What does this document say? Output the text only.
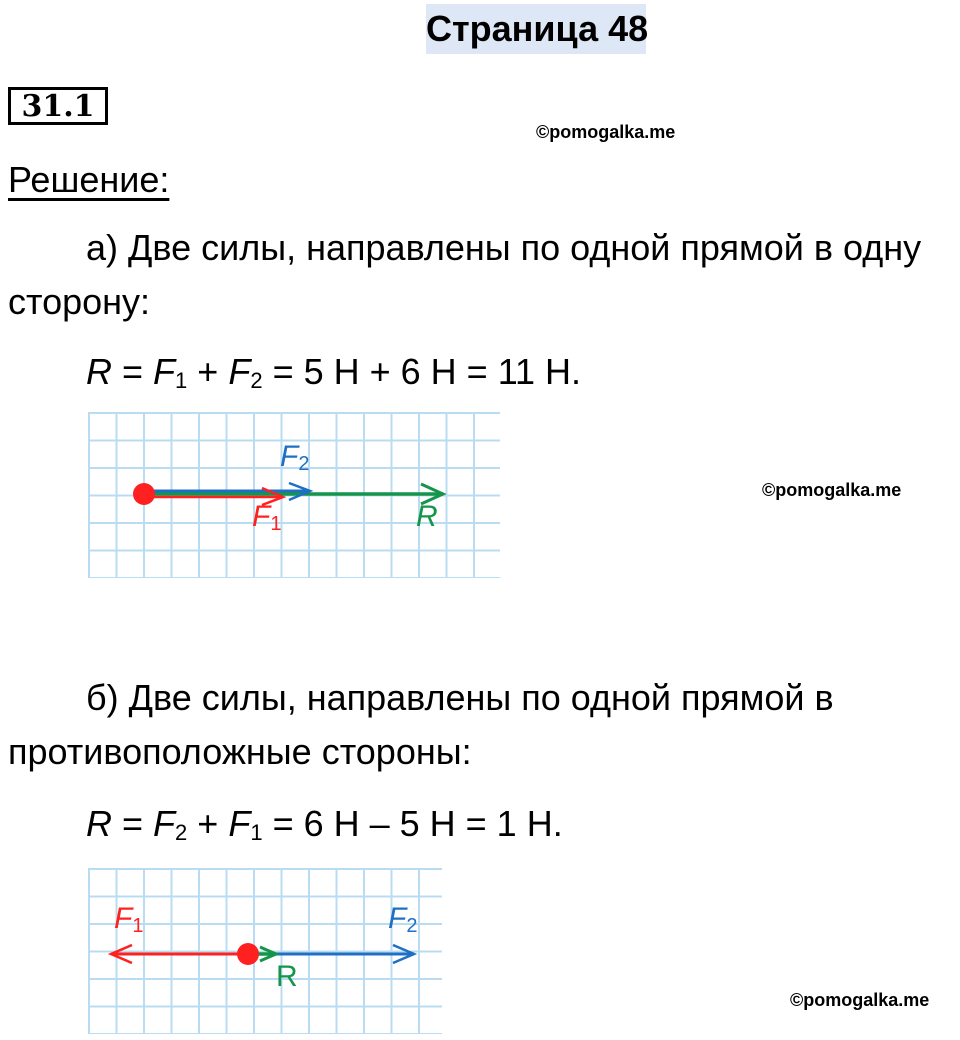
Страница 48
31.1
©pomogalka.me
Решение:
а) Две силы, направлены по одной прямой в одну
сторону:
$R = F_1 + F_2 = 5$ Н + 6 Н = 11 Н.
$F_2$
$F_1$	R
©pomogalka.me
б) Две силы, направлены по одной прямой в
противоположные стороны:
$R = F_2 + F_1 = 6$ Н – 5 Н = 1 Н.
$F_1$	$F_2$
R
©pomogalka.me
